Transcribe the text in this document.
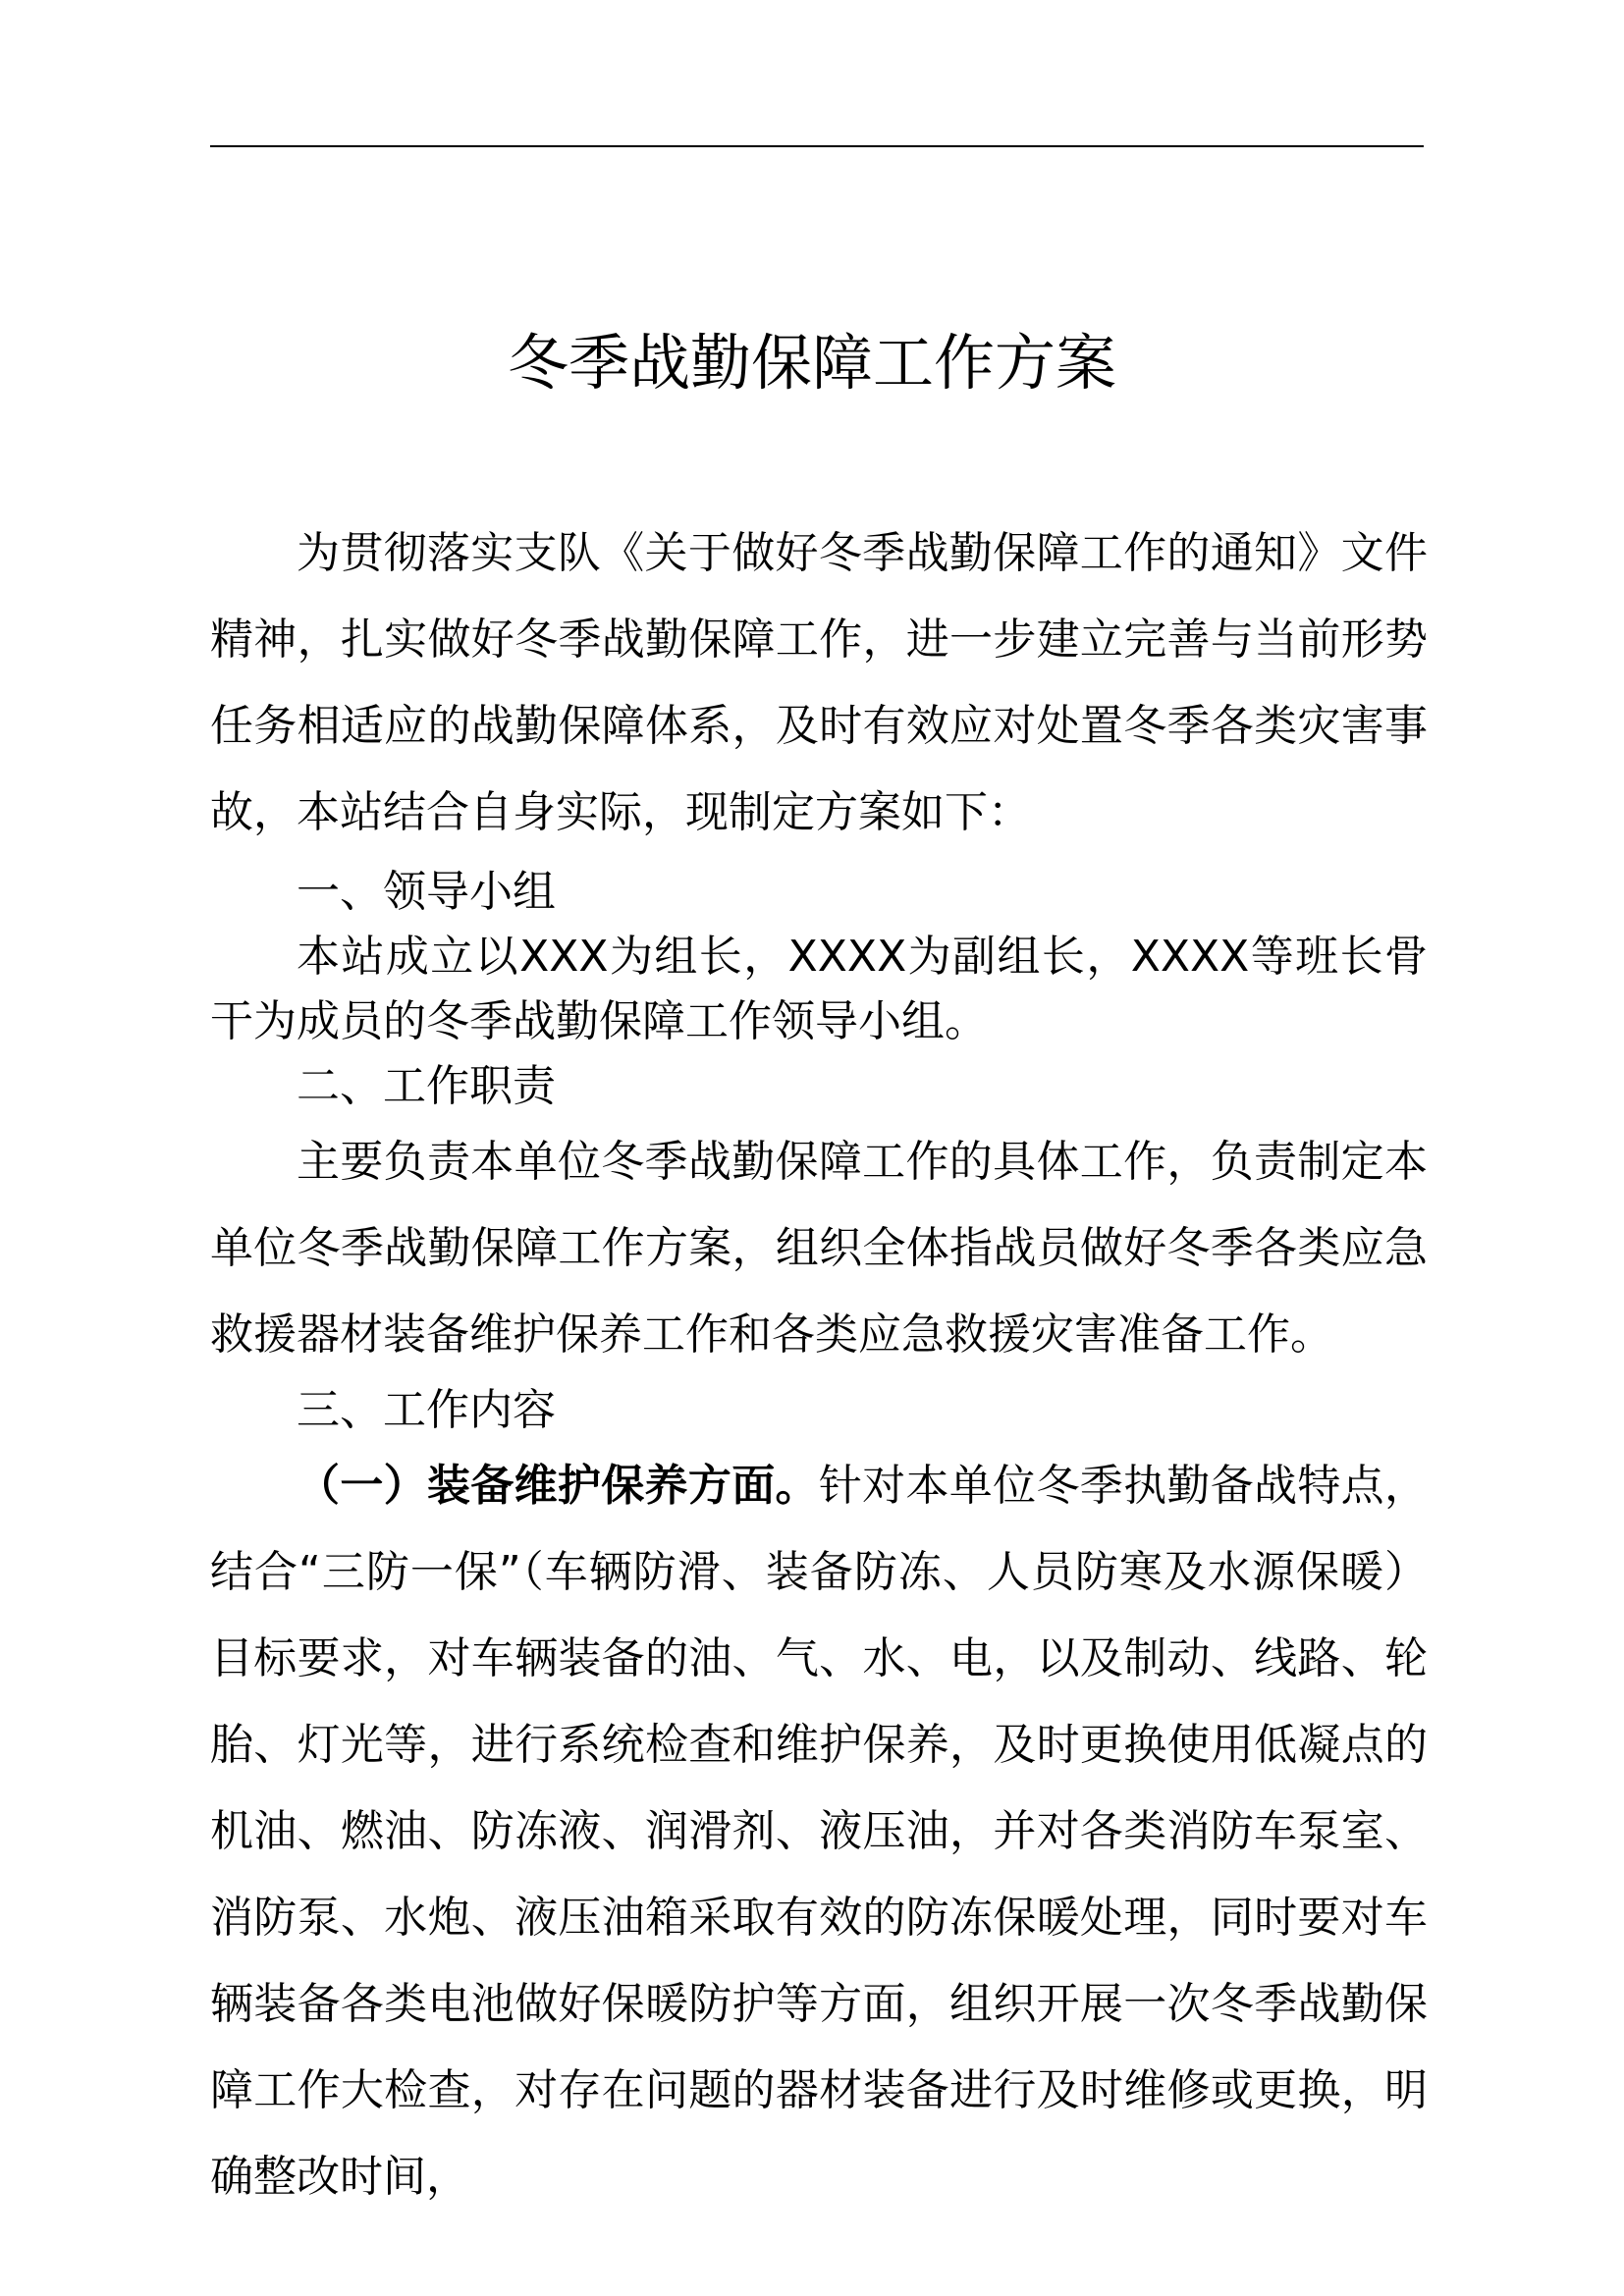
冬季战勤保障工作方案

为贯彻落实支队《关于做好冬季战勤保障工作的通知》文件精神，扎实做好冬季战勤保障工作，进一步建立完善与当前形势任务相适应的战勤保障体系，及时有效应对处置冬季各类灾害事故，本站结合自身实际，现制定方案如下：

一、领导小组

本站成立以XXX为组长，XXXX为副组长，XXXX等班长骨干为成员的冬季战勤保障工作领导小组。

二、工作职责

主要负责本单位冬季战勤保障工作的具体工作，负责制定本单位冬季战勤保障工作方案，组织全体指战员做好冬季各类应急救援器材装备维护保养工作和各类应急救援灾害准备工作。

三、工作内容

（一）装备维护保养方面。针对本单位冬季执勤备战特点，结合“三防一保”（车辆防滑、装备防冻、人员防寒及水源保暖）目标要求，对车辆装备的油、气、水、电，以及制动、线路、轮胎、灯光等，进行系统检查和维护保养，及时更换使用低凝点的机油、燃油、防冻液、润滑剂、液压油，并对各类消防车泵室、消防泵、水炮、液压油箱采取有效的防冻保暖处理，同时要对车辆装备各类电池做好保暖防护等方面，组织开展一次冬季战勤保障工作大检查，对存在问题的器材装备进行及时维修或更换，明确整改时间，
